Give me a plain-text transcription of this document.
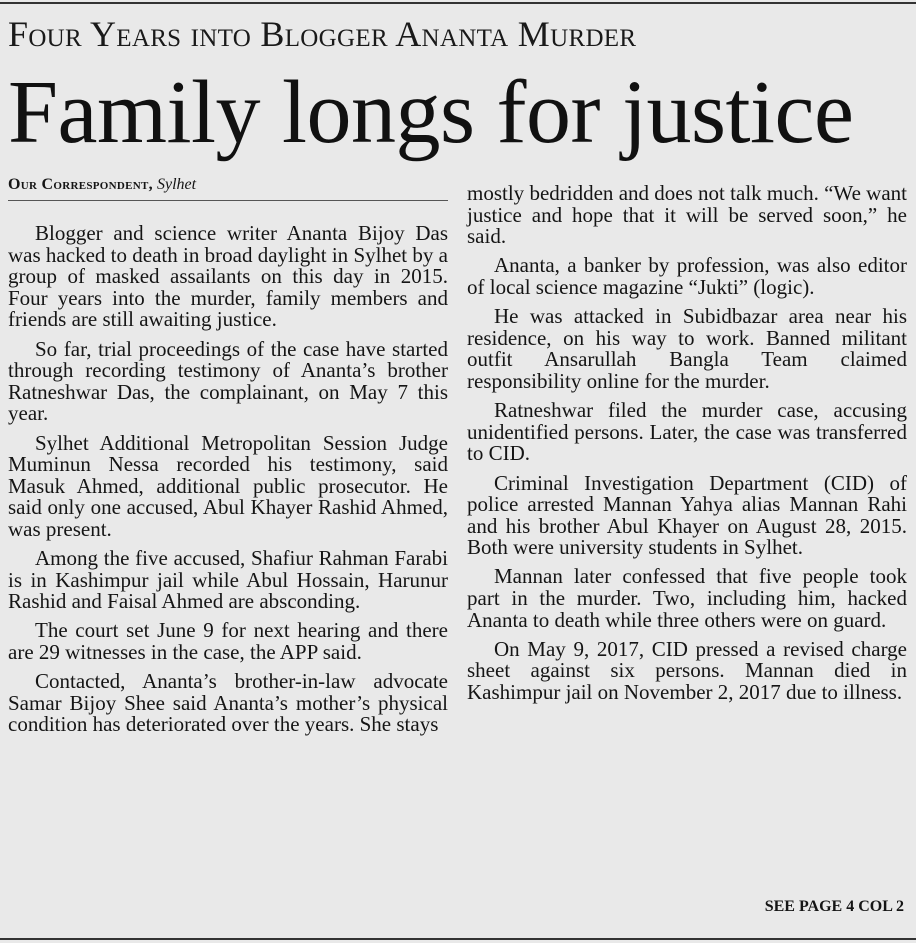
Four Years into Blogger Ananta Murder
Family longs for justice
Our Correspondent, Sylhet

Blogger and science writer Ananta Bijoy Das was hacked to death in broad daylight in Sylhet by a group of masked assailants on this day in 2015. Four years into the murder, family members and friends are still awaiting justice.

So far, trial proceedings of the case have started through recording testimony of Ananta’s brother Ratneshwar Das, the complainant, on May 7 this year.

Sylhet Additional Metropolitan Session Judge Muminun Nessa recorded his testimony, said Masuk Ahmed, additional public prosecutor. He said only one accused, Abul Khayer Rashid Ahmed, was present.

Among the five accused, Shafiur Rahman Farabi is in Kashimpur jail while Abul Hossain, Harunur Rashid and Faisal Ahmed are absconding.

The court set June 9 for next hearing and there are 29 witnesses in the case, the APP said.

Contacted, Ananta’s brother-in-law advocate Samar Bijoy Shee said Ananta’s mother’s physical condition has deteriorated over the years. She stays

mostly bedridden and does not talk much. “We want justice and hope that it will be served soon,” he said.

Ananta, a banker by profession, was also editor of local science magazine “Jukti” (logic).

He was attacked in Subidbazar area near his residence, on his way to work. Banned militant outfit Ansarullah Bangla Team claimed responsibility online for the murder.

Ratneshwar filed the murder case, accusing unidentified persons. Later, the case was transferred to CID.

Criminal Investigation Department (CID) of police arrested Mannan Yahya alias Mannan Rahi and his brother Abul Khayer on August 28, 2015. Both were university students in Sylhet.

Mannan later confessed that five people took part in the murder. Two, including him, hacked Ananta to death while three others were on guard.

On May 9, 2017, CID pressed a revised charge sheet against six persons. Mannan died in Kashimpur jail on November 2, 2017 due to illness.

SEE PAGE 4 COL 2
